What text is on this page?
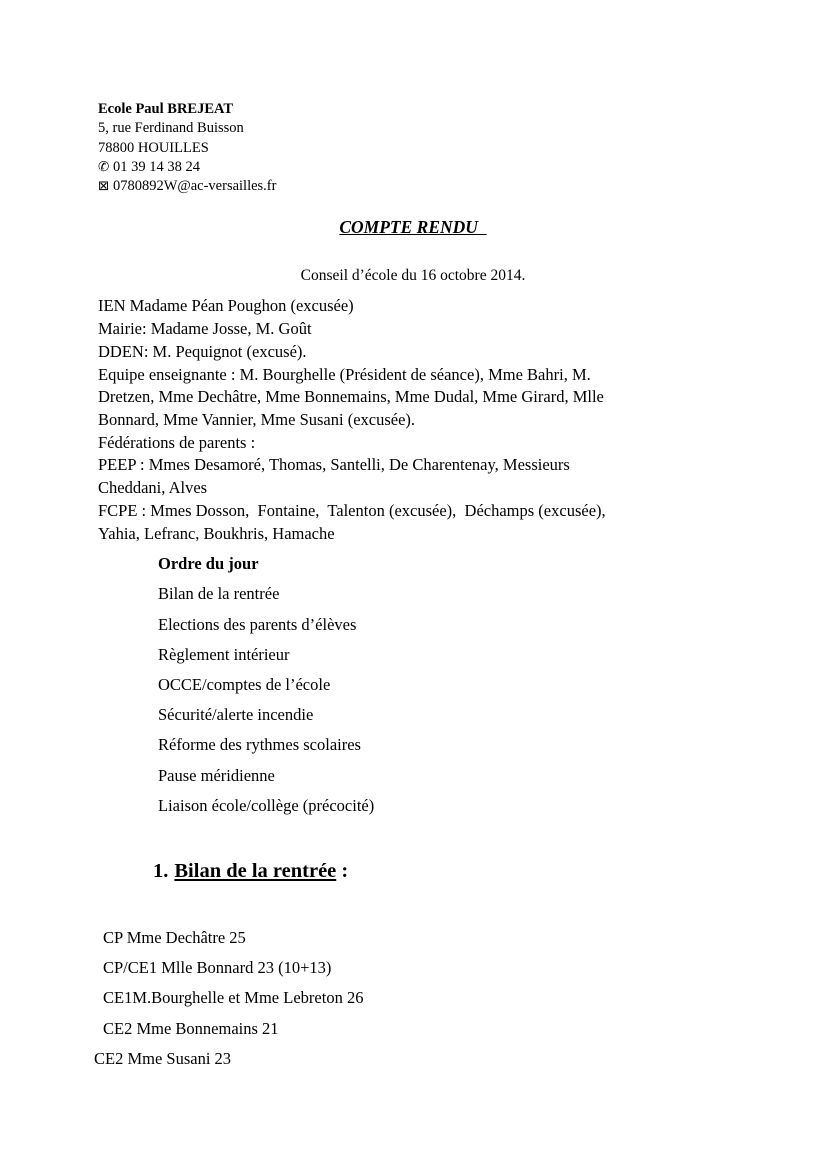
Ecole Paul BREJEAT
5, rue Ferdinand Buisson
78800 HOUILLES
✆ 01 39 14 38 24
⊠ 0780892W@ac-versailles.fr
COMPTE RENDU
Conseil d’école du 16 octobre 2014.
IEN Madame Péan Poughon (excusée)
Mairie: Madame Josse, M. Goût
DDEN: M. Pequignot (excusé).
Equipe enseignante : M. Bourghelle (Président de séance), Mme Bahri, M.
Dretzen, Mme Dechâtre, Mme Bonnemains, Mme Dudal, Mme Girard, Mlle
Bonnard, Mme Vannier, Mme Susani (excusée).
Fédérations de parents :
PEEP : Mmes Desamoré, Thomas, Santelli, De Charentenay, Messieurs
Cheddani, Alves
FCPE : Mmes Dosson,  Fontaine,  Talenton (excusée),  Déchamps (excusée),
Yahia, Lefranc, Boukhris, Hamache
Ordre du jour
Bilan de la rentrée
Elections des parents d’élèves
Règlement intérieur
OCCE/comptes de l’école
Sécurité/alerte incendie
Réforme des rythmes scolaires
Pause méridienne
Liaison école/collège (précocité)
1. Bilan de la rentrée :
CP Mme Dechâtre 25
CP/CE1 Mlle Bonnard 23 (10+13)
CE1M.Bourghelle et Mme Lebreton 26
CE2 Mme Bonnemains 21
CE2 Mme Susani 23
